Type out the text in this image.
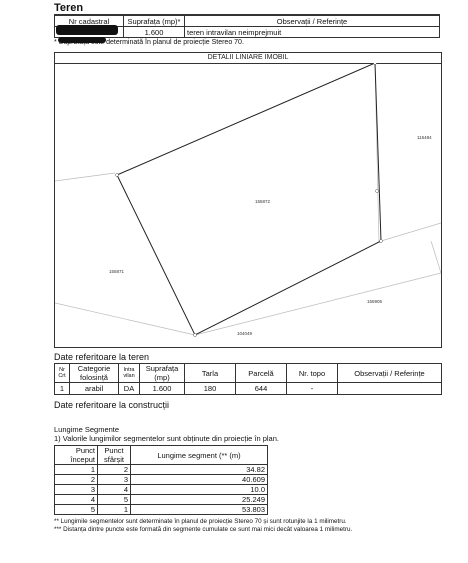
Teren
Nr cadastral	Suprafața (mp)*	Observații / Referințe
	1.600	teren intravilan neimprejmuit
* Suprafața este determinată în planul de proiecție Stereo 70.
DETALII LINIARE IMOBIL
155872
115484
155871
155905
104049
Date referitoare la teren
Nr Crt	Categorie folosință	Intra vilan	Suprafața (mp)	Tarla	Parcelă	Nr. topo	Observații / Referințe
1	arabil	DA	1.600	180	644	-	
Date referitoare la construcții
Lungime Segmente
1) Valorile lungimilor segmentelor sunt obținute din proiecție în plan.
Punct început	Punct sfârșit	Lungime segment (** (m)
1	2	34.82
2	3	40.609
3	4	10.0
4	5	25.249
5	1	53.803
** Lungimile segmentelor sunt determinate în planul de proiecție Stereo 70 și sunt rotunjite la 1 milimetru.
*** Distanța dintre puncte este formată din segmente cumulate ce sunt mai mici decât valoarea 1 milimetru.
